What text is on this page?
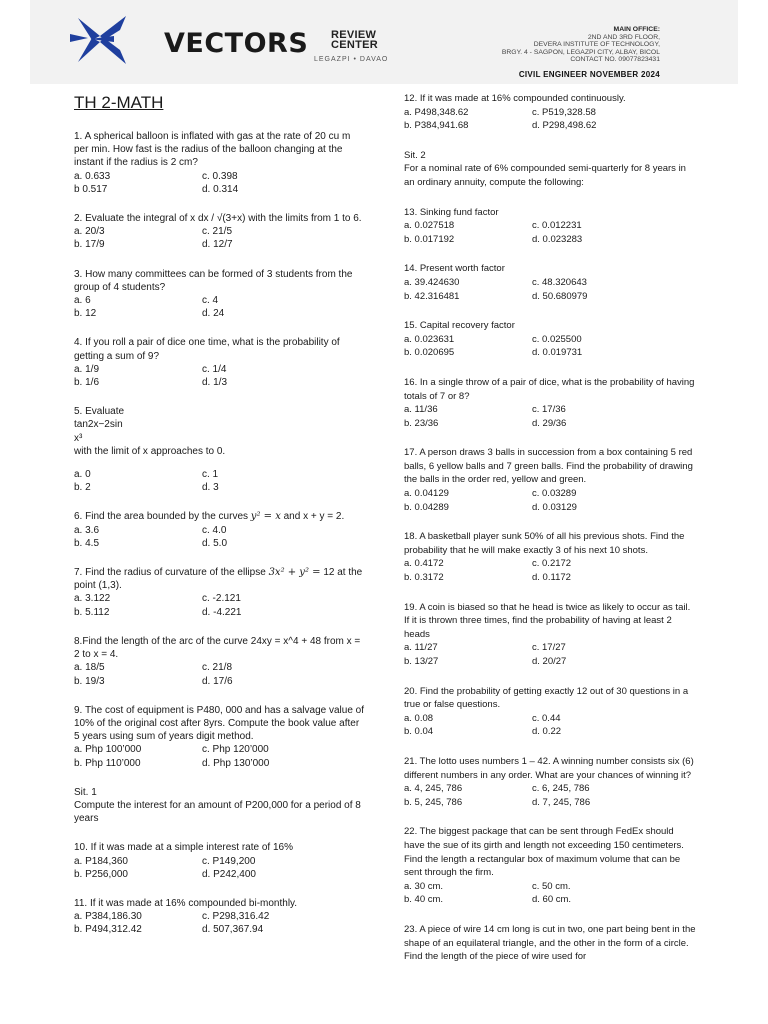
VECTORS REVIEW
CENTER
LEGAZPI • DAVAO
MAIN OFFICE:
2ND AND 3RD FLOOR,
DEVERA INSTITUTE OF TECHNOLOGY,
BRGY. 4 - SAGPON, LEGAZPI CITY, ALBAY, BICOL
CONTACT NO. 09077823431
CIVIL ENGINEER NOVEMBER 2024
TH 2-MATH

1. A spherical balloon is inflated with gas at the rate of 20 cu m per min. How fast is the radius of the balloon changing at the instant if the radius is 2 cm?

a. 0.633	c. 0.398
b 0.517	d. 0.314

2. Evaluate the integral of x dx / √(3+x) with the limits from 1 to 6.

a. 20/3	c. 21/5
b. 17/9	d. 12/7

3. How many committees can be formed of 3 students from the group of 4 students?

a. 6	c. 4
b. 12	d. 24

4. If you roll a pair of dice one time, what is the probability of getting a sum of 9?

a. 1/9	c. 1/4
b. 1/6	d. 1/3

5. Evaluate

tan2x−2sin
x³
with the limit of x approaches to 0.

a. 0	c. 1
b. 2	d. 3

6. Find the area bounded by the curves y² = x and x + y = 2.

a. 3.6	c. 4.0
b. 4.5	d. 5.0

7. Find the radius of curvature of the ellipse 3x² + y² = 12 at the point (1,3).

a. 3.122	c. -2.121
b. 5.112	d. -4.221

8.Find the length of the arc of the curve 24xy = x^4 + 48 from x = 2 to x = 4.

a. 18/5	c. 21/8
b. 19/3	d. 17/6

9. The cost of equipment is P480, 000 and has a salvage value of 10% of the original cost after 8yrs. Compute the book value after 5 years using sum of years digit method.

a. Php 100’000	c. Php 120’000
b. Php 110’000	d. Php 130’000
Sit. 1
Compute the interest for an amount of P200,000 for a period of 8 years

10. If it was made at a simple interest rate of 16%

a. P184,360	c. P149,200
b. P256,000	d. P242,400

11. If it was made at 16% compounded bi-monthly.

a. P384,186.30	c. P298,316.42
b. P494,312.42	d. 507,367.94

12. If it was made at 16% compounded continuously.

a. P498,348.62	c. P519,328.58
b. P384,941.68	d. P298,498.62
Sit. 2
For a nominal rate of 6% compounded semi-quarterly for 8 years in an ordinary annuity, compute the following:

13. Sinking fund factor

a. 0.027518	c. 0.012231
b. 0.017192	d. 0.023283

14. Present worth factor

a. 39.424630	c. 48.320643
b. 42.316481	d. 50.680979

15. Capital recovery factor

a. 0.023631	c. 0.025500
b. 0.020695	d. 0.019731

16. In a single throw of a pair of dice, what is the probability of having totals of 7 or 8?

a. 11/36	c. 17/36
b. 23/36	d. 29/36

17. A person draws 3 balls in succession from a box containing 5 red balls, 6 yellow balls and 7 green balls. Find the probability of drawing the balls in the order red, yellow and green.

a. 0.04129	c. 0.03289
b. 0.04289	d. 0.03129

18. A basketball player sunk 50% of all his previous shots. Find the probability that he will make exactly 3 of his next 10 shots.

a. 0.4172	c. 0.2172
b. 0.3172	d. 0.1172

19. A coin is biased so that he head is twice as likely to occur as tail. If it is thrown three times, find the probability of having at least 2 heads

a. 11/27	c. 17/27
b. 13/27	d. 20/27

20. Find the probability of getting exactly 12 out of 30 questions in a true or false questions.

a. 0.08	c. 0.44
b. 0.04	d. 0.22

21. The lotto uses numbers 1 – 42. A winning number consists six (6) different numbers in any order. What are your chances of winning it?

a. 4, 245, 786	c. 6, 245, 786
b. 5, 245, 786	d. 7, 245, 786

22. The biggest package that can be sent through FedEx should have the sue of its girth and length not exceeding 150 centimeters. Find the length a rectangular box of maximum volume that can be sent through the firm.

a. 30 cm.	c. 50 cm.
b. 40 cm.	d. 60 cm.

23. A piece of wire 14 cm long is cut in two, one part being bent in the shape of an equilateral triangle, and the other in the form of a circle. Find the length of the piece of wire used for
